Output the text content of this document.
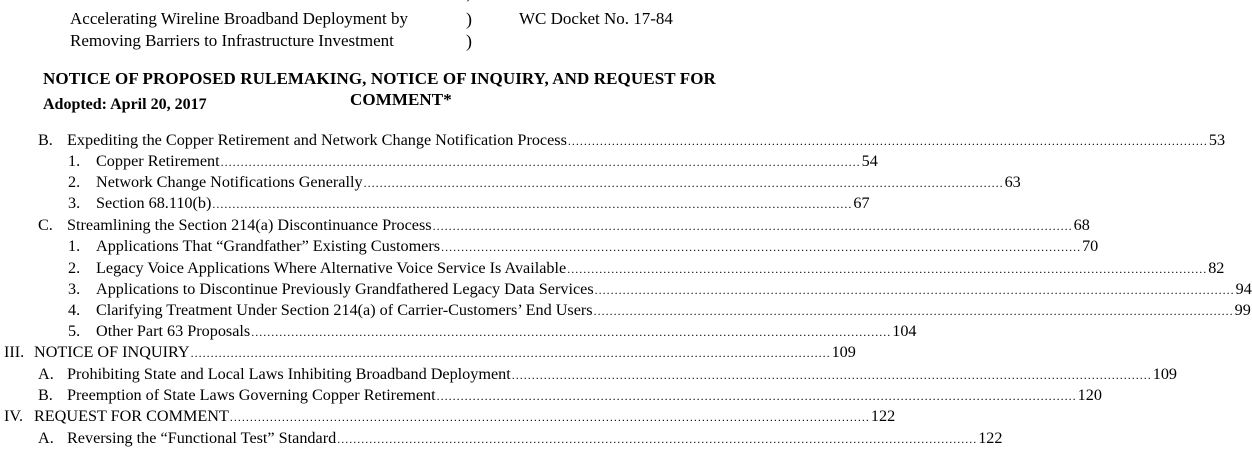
Accelerating Wireline Broadband Deployment by
Removing Barriers to Infrastructure Investment
´
)
)
WC Docket No. 17-84
NOTICE OF PROPOSED RULEMAKING, NOTICE OF INQUIRY, AND REQUEST FOR
COMMENT*
Adopted: April 20, 2017
B. Expediting the Copper Retirement and Network Change Notification Process ................................................................................................................................................................ 53
1. Copper Retirement ................................................................................................................................................................ 54
2. Network Change Notifications Generally ................................................................................................................................................................ 63
3. Section 68.110(b) ................................................................................................................................................................ 67
C. Streamlining the Section 214(a) Discontinuance Process ................................................................................................................................................................ 68
1. Applications That “Grandfather” Existing Customers ................................................................................................................................................................ 70
2. Legacy Voice Applications Where Alternative Voice Service Is Available ................................................................................................................................................................ 82
3. Applications to Discontinue Previously Grandfathered Legacy Data Services ................................................................................................................................................................ 94
4. Clarifying Treatment Under Section 214(a) of Carrier-Customers’ End Users ................................................................................................................................................................ 99
5. Other Part 63 Proposals ................................................................................................................................................................ 104
III. NOTICE OF INQUIRY ................................................................................................................................................................ 109
A. Prohibiting State and Local Laws Inhibiting Broadband Deployment ................................................................................................................................................................ 109
B. Preemption of State Laws Governing Copper Retirement ................................................................................................................................................................ 120
IV. REQUEST FOR COMMENT ................................................................................................................................................................ 122
A. Reversing the “Functional Test” Standard ................................................................................................................................................................ 122
